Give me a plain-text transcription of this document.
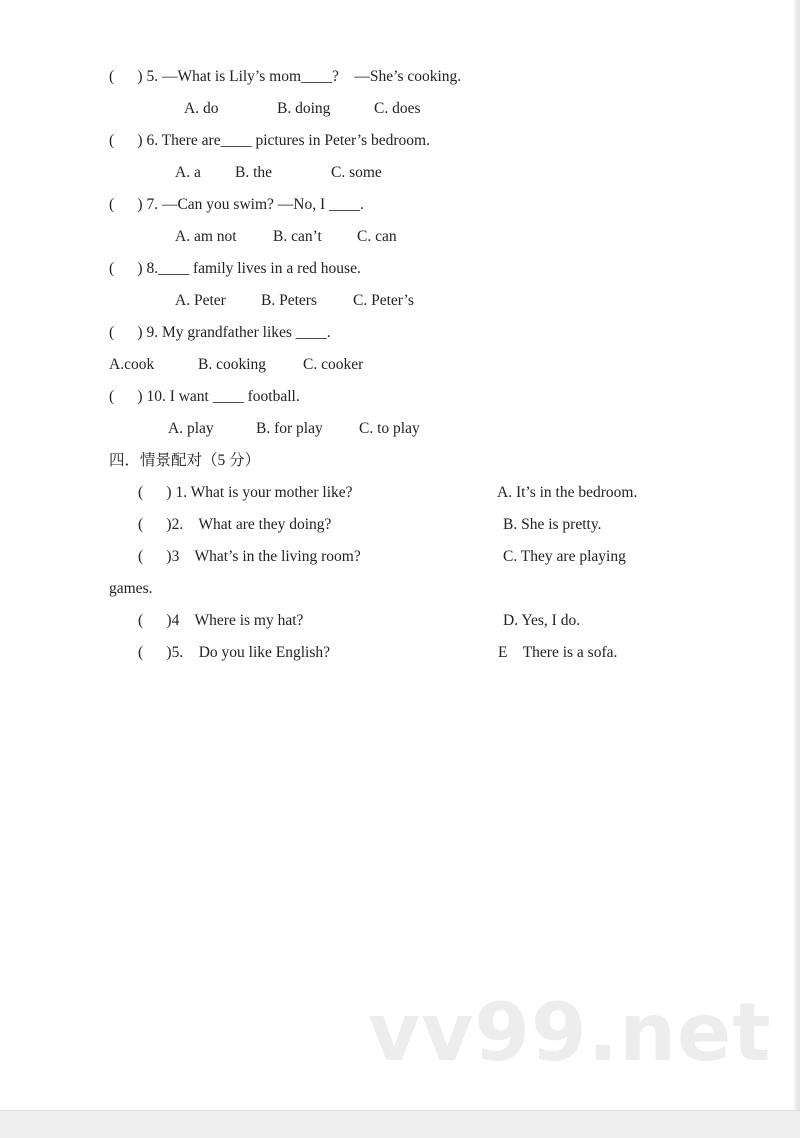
(      ) 5. —What is Lily’s mom____?    —She’s cooking.
A. do	B. doing	C. does
(      ) 6. There are____ pictures in Peter’s bedroom.
A. a B. the	C. some
(      ) 7. —Can you swim? —No, I ____.
A. am not B. can’t C. can
(      ) 8.____ family lives in a red house.
A. Peter B. Peters C. Peter’s
(      ) 9. My grandfather likes ____.
A.cook	B. cooking C. cooker
(      ) 10. I want ____ football.
A. play	B. for play C. to play
四．情景配对（5 分）
(      ) 1. What is your mother like?	A. It’s in the bedroom.
(      )2.    What are they doing?	B. She is pretty.
(      )3    What’s in the living room?	C. They are playing
games.
(      )4    Where is my hat?	D. Yes, I do.
(      )5.    Do you like English?	E    There is a sofa.
vv99.net
